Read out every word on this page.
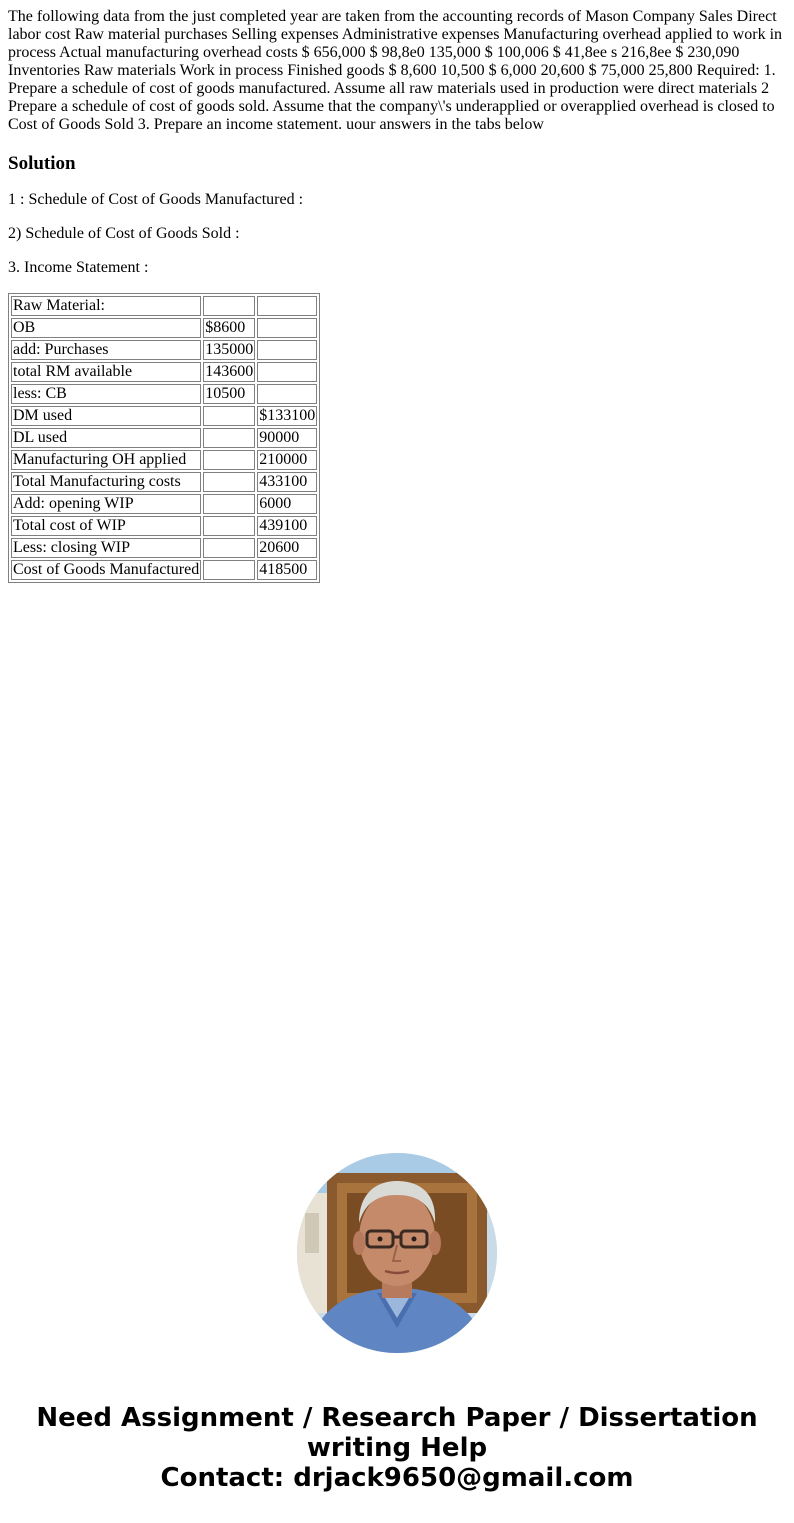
The following data from the just completed year are taken from the accounting records of Mason Company Sales Direct labor cost Raw material purchases Selling expenses Administrative expenses Manufacturing overhead applied to work in process Actual manufacturing overhead costs $ 656,000 $ 98,8e0 135,000 $ 100,006 $ 41,8ee s 216,8ee $ 230,090 Inventories Raw materials Work in process Finished goods $ 8,600 10,500 $ 6,000 20,600 $ 75,000 25,800 Required: 1. Prepare a schedule of cost of goods manufactured. Assume all raw materials used in production were direct materials 2 Prepare a schedule of cost of goods sold. Assume that the company\'s underapplied or overapplied overhead is closed to Cost of Goods Sold 3. Prepare an income statement. uour answers in the tabs below

Solution

1 : Schedule of Cost of Goods Manufactured :

2) Schedule of Cost of Goods Sold :

3. Income Statement :

Raw Material:		
OB	$8600	
add: Purchases	135000	
total RM available	143600	
less: CB	10500	
DM used		$133100
DL used		90000
Manufacturing OH applied		210000
Total Manufacturing costs		433100
Add: opening WIP		6000
Total cost of WIP		439100
Less: closing WIP		20600
Cost of Goods Manufactured		418500
Need Assignment / Research Paper / Dissertation
writing Help
Contact: drjack9650@gmail.com
